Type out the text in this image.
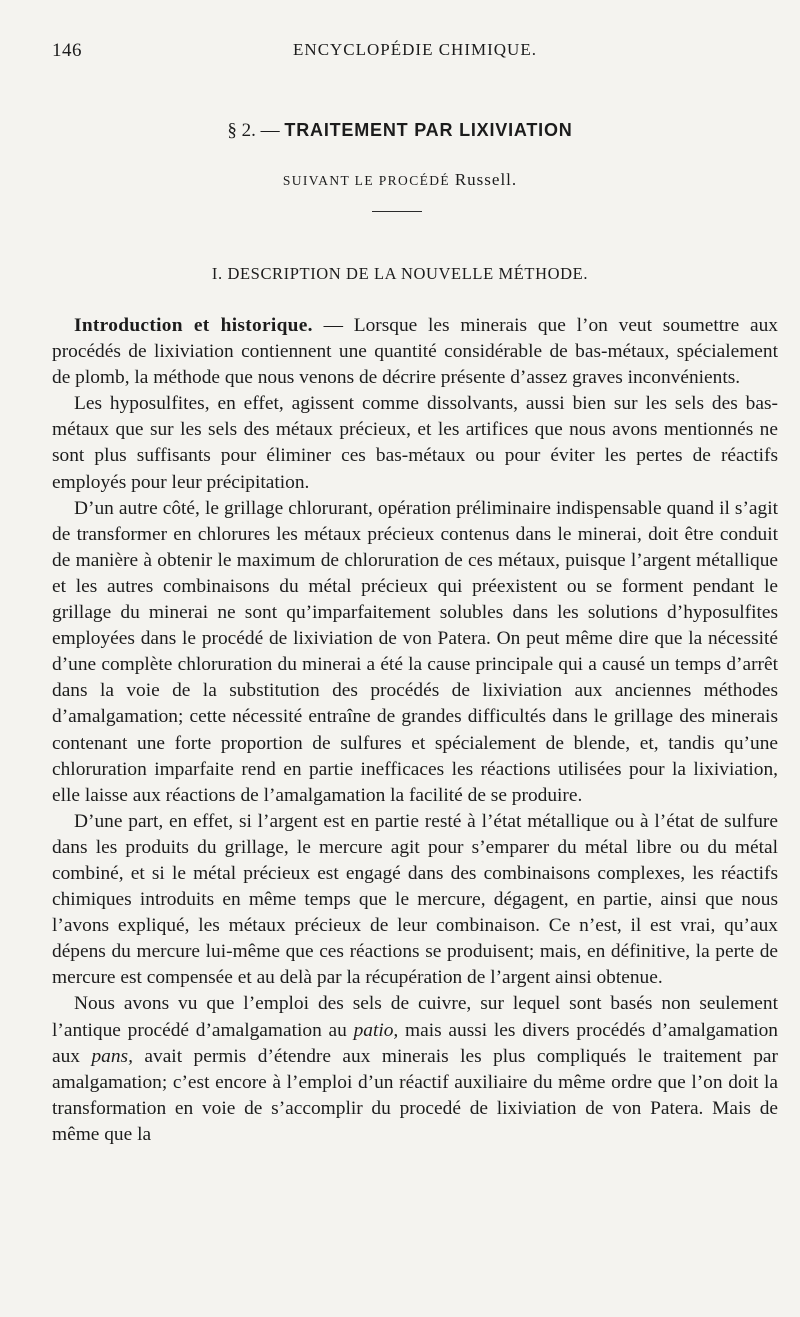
146	ENCYCLOPÉDIE CHIMIQUE.
§ 2. — TRAITEMENT PAR LIXIVIATION
SUIVANT LE PROCÉDÉ Russell.
I. DESCRIPTION DE LA NOUVELLE MÉTHODE.

Introduction et historique. — Lorsque les minerais que l’on veut soumettre aux procédés de lixiviation contiennent une quantité considérable de bas-métaux, spécialement de plomb, la méthode que nous venons de décrire présente d’assez graves inconvénients.

Les hyposulfites, en effet, agissent comme dissolvants, aussi bien sur les sels des bas-métaux que sur les sels des métaux précieux, et les artifices que nous avons mentionnés ne sont plus suffisants pour éliminer ces bas-métaux ou pour éviter les pertes de réactifs employés pour leur précipitation.

D’un autre côté, le grillage chlorurant, opération préliminaire indispensable quand il s’agit de transformer en chlorures les métaux précieux contenus dans le minerai, doit être conduit de manière à obtenir le maximum de chloruration de ces métaux, puisque l’argent métallique et les autres combinaisons du métal précieux qui préexistent ou se forment pendant le grillage du minerai ne sont qu’imparfaitement solubles dans les solutions d’hyposulfites employées dans le procédé de lixiviation de von Patera. On peut même dire que la nécessité d’une complète chloruration du minerai a été la cause principale qui a causé un temps d’arrêt dans la voie de la substitution des procédés de lixiviation aux anciennes méthodes d’amalgamation; cette nécessité entraîne de grandes difficultés dans le grillage des minerais contenant une forte proportion de sulfures et spécialement de blende, et, tandis qu’une chloruration imparfaite rend en partie inefficaces les réactions utilisées pour la lixiviation, elle laisse aux réactions de l’amalgamation la facilité de se produire.

D’une part, en effet, si l’argent est en partie resté à l’état métallique ou à l’état de sulfure dans les produits du grillage, le mercure agit pour s’emparer du métal libre ou du métal combiné, et si le métal précieux est engagé dans des combinaisons complexes, les réactifs chimiques introduits en même temps que le mercure, dégagent, en partie, ainsi que nous l’avons expliqué, les métaux précieux de leur combinaison. Ce n’est, il est vrai, qu’aux dépens du mercure lui-même que ces réactions se produisent; mais, en définitive, la perte de mercure est compensée et au delà par la récupération de l’argent ainsi obtenue.

Nous avons vu que l’emploi des sels de cuivre, sur lequel sont basés non seulement l’antique procédé d’amalgamation au patio, mais aussi les divers procédés d’amalgamation aux pans, avait permis d’étendre aux minerais les plus compliqués le traitement par amalgamation; c’est encore à l’emploi d’un réactif auxiliaire du même ordre que l’on doit la transformation en voie de s’accomplir du procedé de lixiviation de von Patera. Mais de même que la
